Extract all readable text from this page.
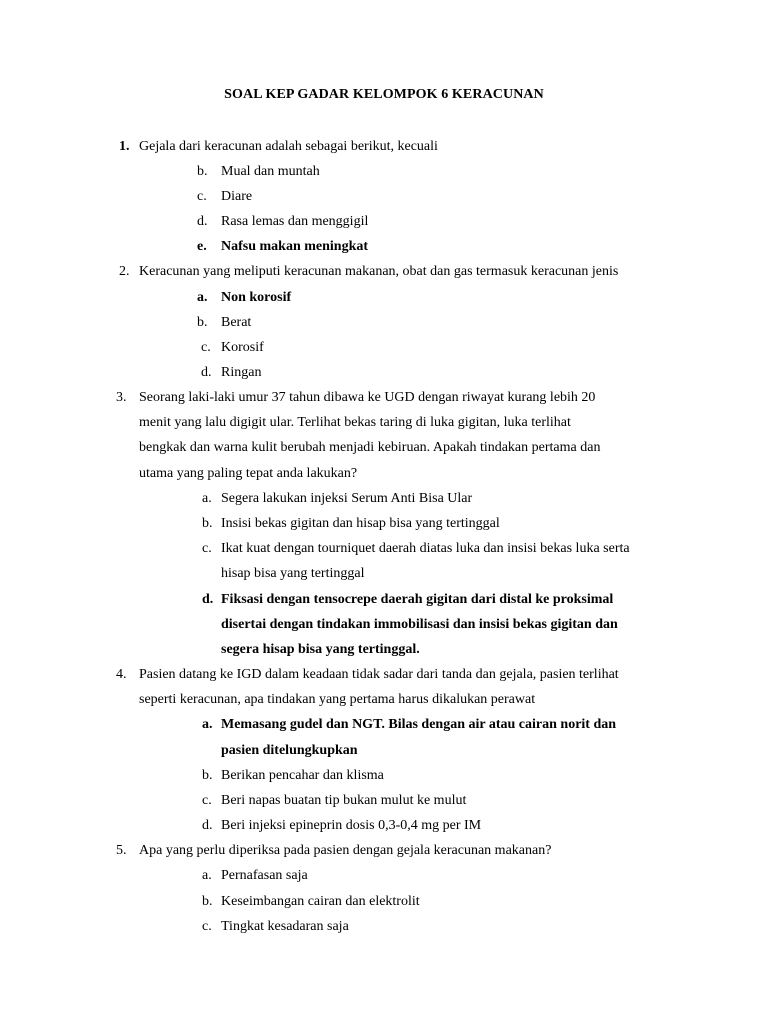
SOAL KEP GADAR KELOMPOK 6 KERACUNAN
1. Gejala dari keracunan adalah sebagai berikut, kecuali
b. Mual dan muntah
c. Diare
d. Rasa lemas dan menggigil
e. Nafsu makan meningkat
2. Keracunan yang meliputi keracunan makanan, obat dan gas termasuk keracunan jenis
a. Non korosif
b. Berat
c. Korosif
d. Ringan
3. Seorang laki-laki umur 37 tahun dibawa ke UGD dengan riwayat kurang lebih 20
menit yang lalu digigit ular. Terlihat bekas taring di luka gigitan, luka terlihat
bengkak dan warna kulit berubah menjadi kebiruan. Apakah tindakan pertama dan
utama yang paling tepat anda lakukan?
a. Segera lakukan injeksi Serum Anti Bisa Ular
b. Insisi bekas gigitan dan hisap bisa yang tertinggal
c. Ikat kuat dengan tourniquet daerah diatas luka dan insisi bekas luka serta
hisap bisa yang tertinggal
d. Fiksasi dengan tensocrepe daerah gigitan dari distal ke proksimal
disertai dengan tindakan immobilisasi dan insisi bekas gigitan dan
segera hisap bisa yang tertinggal.
4. Pasien datang ke IGD dalam keadaan tidak sadar dari tanda dan gejala, pasien terlihat
seperti keracunan, apa tindakan yang pertama harus dikalukan perawat
a. Memasang gudel dan NGT. Bilas dengan air atau cairan norit dan
pasien ditelungkupkan
b. Berikan pencahar dan klisma
c. Beri napas buatan tip bukan mulut ke mulut
d. Beri injeksi epineprin dosis 0,3-0,4 mg per IM
5. Apa yang perlu diperiksa pada pasien dengan gejala keracunan makanan?
a. Pernafasan saja
b. Keseimbangan cairan dan elektrolit
c. Tingkat kesadaran saja
